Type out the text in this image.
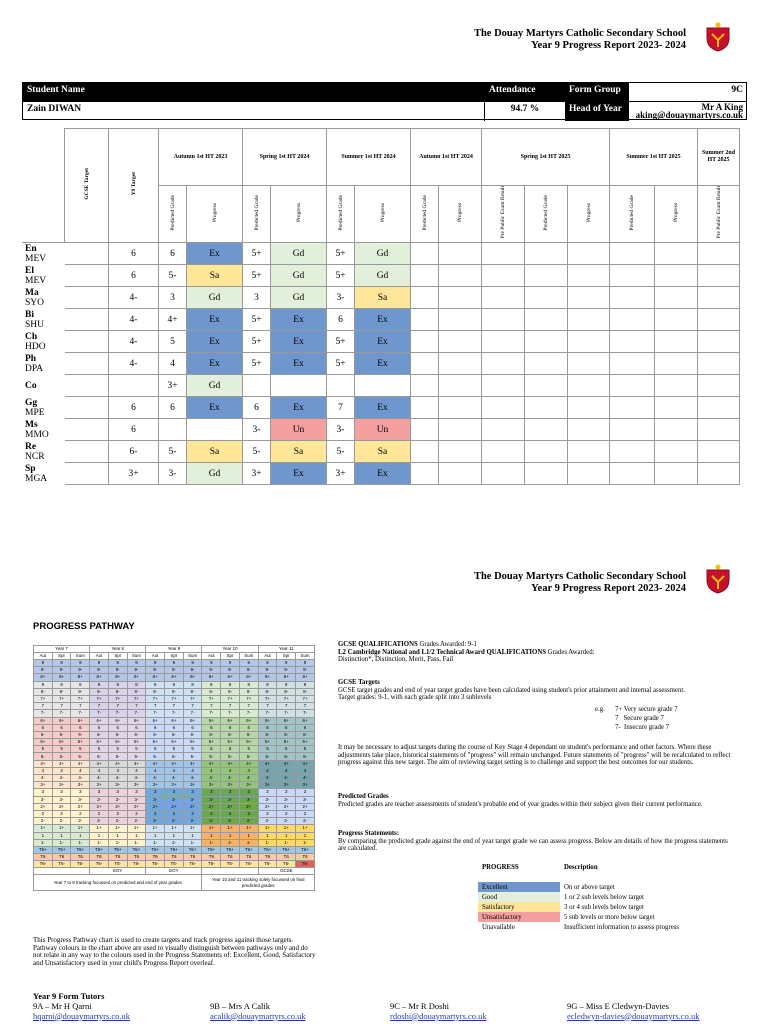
The Douay Martyrs Catholic Secondary School
Year 9 Progress Report 2023- 2024
Student Name	Attendance	Form Group	9C
Zain DIWAN	94.7 %	Head of Year	Mr A King
aking@douaymartyrs.co.uk
	GCSE Target	Y9 Target	Autumn 1st HT 2023		Spring 1st HT 2024		Summer 1st HT 2024		Autumn 1st HT 2024		Spring 1st HT 2025			Summer 1st HT 2025		Summer 2nd HT 2025
			Predicted Grade	Progress	Predicted Grade	Progress	Predicted Grade	Progress	Predicted Grade	Progress	Pre Public Exam Result	Predicted Grade	Progress	Predicted Grade	Progress	Pre Public Exam Result

En
MEV		6	6	Ex	5+	Gd	5+	Gd								

El
MEV		6	5-	Sa	5+	Gd	5+	Gd								

Ma
SYO		4-	3	Gd	3	Gd	3-	Sa								

Bi
SHU		4-	4+	Ex	5+	Ex	6	Ex								

Ch
HDO		4-	5	Ex	5+	Ex	5+	Ex								

Ph
DPA		4-	4	Ex	5+	Ex	5+	Ex								

Co			3+	Gd												

Gg
MPE		6	6	Ex	6	Ex	7	Ex								

Ms
MMO		6			3-	Un	3-	Un								

Re
NCR		6-	5-	Sa	5-	Sa	5-	Sa								

Sp
MGA		3+	3-	Gd	3+	Ex	3+	Ex								
The Douay Martyrs Catholic Secondary School
Year 9 Progress Report 2023- 2024
PROGRESS PATHWAY
Year 7			Year 8			Year 9			Year 10			Year 11		
Aut	Spr	Sum	Aut	Spr	Sum	Aut	Spr	Sum	Aut	Spr	Sum	Aut	Spr	Sum
9	9	9	9	9	9	9	9	9	9	9	9	9	9	9
9-	9-	9-	9-	9-	9-	9-	9-	9-	9-	9-	9-	9-	9-	9-
8+	8+	8+	8+	8+	8+	8+	8+	8+	8+	8+	8+	8+	8+	8+
8	8	8	8	8	8	8	8	8	8	8	8	8	8	8
8-	8-	8-	8-	8-	8-	8-	8-	8-	8-	8-	8-	8-	8-	8-
7+	7+	7+	7+	7+	7+	7+	7+	7+	7+	7+	7+	7+	7+	7+
7	7	7	7	7	7	7	7	7	7	7	7	7	7	7
7-	7-	7-	7-	7-	7-	7-	7-	7-	7-	7-	7-	7-	7-	7-
6+	6+	6+	6+	6+	6+	6+	6+	6+	6+	6+	6+	6+	6+	6+
6	6	6	6	6	6	6	6	6	6	6	6	6	6	6
6-	6-	6-	6-	6-	6-	6-	6-	6-	6-	6-	6-	6-	6-	6-
5+	5+	5+	5+	5+	5+	5+	5+	5+	5+	5+	5+	5+	5+	5+
5	5	5	5	5	5	5	5	5	5	5	5	5	5	5
5-	5-	5-	5-	5-	5-	5-	5-	5-	5-	5-	5-	5-	5-	5-
4+	4+	4+	4+	4+	4+	4+	4+	4+	4+	4+	4+	4+	4+	4+
4	4	4	4	4	4	4	4	4	4	4	4	4	4	4
4-	4-	4-	4-	4-	4-	4-	4-	4-	4-	4-	4-	4-	4-	4-
3+	3+	3+	3+	3+	3+	3+	3+	3+	3+	3+	3+	3+	3+	3+
3	3	3	3	3	3	3	3	3	3	3	3	3	3	3
3-	3-	3-	3-	3-	3-	3-	3-	3-	3-	3-	3-	3-	3-	3-
2+	2+	2+	2+	2+	2+	2+	2+	2+	2+	2+	2+	2+	2+	2+
2	2	2	2	2	2	2	2	2	2	2	2	2	2	2
2-	2-	2-	2-	2-	2-	2-	2-	2-	2-	2-	2-	2-	2-	2-
1+	1+	1+	1+	1+	1+	1+	1+	1+	1+	1+	1+	1+	1+	1+
1	1	1	1	1	1	1	1	1	1	1	1	1	1	1
1-	1-	1-	1-	1-	1-	1-	1-	1-	1-	1-	1-	1-	1-	1-
T6+	T6+	T6+	T6+	T6+	T6+	T6+	T6+	T6+	T6+	T6+	T6+	T6+	T6+	T6+
T6	T6	T6	T6	T6	T6	T6	T6	T6	T6	T6	T6	T6	T6	T6
T6-	T6-	T6-	T6-	T6-	T6-	T6-	T6-	T6-	T6-	T6-	T6-	T6-	T6-	T6-
			EOY			EOY						GCSE		
Year 7 to 9 tracking focussed on predicted and end of year grades									Year 10 and 11 tracking solely focussed on final predicted grades					
This Progress Pathway chart is used to create targets and track progress against those targets. Pathway colours in the chart above are used to visually distinguish between pathways only and do not relate in any way to the colours used in the Progress Statements of: Excellent, Good, Satisfactory and Unsatisfactory used in your child's Progress Report overleaf.
GCSE QUALIFICATIONS Grades Awarded: 9-1
L2 Cambridge National and L1/2 Technical Award QUALIFICATIONS Grades Awarded:
Distinction*, Distinction, Merit, Pass, Fail
GCSE Targets
GCSE target grades and end of year target grades have been calculated using student's prior attainment and internal assessment.
Target grades: 9-1, with each grade split into 3 sublevels
e.g. 7+ Very secure grade 7
7   Secure grade 7
7-  Insecure grade 7
It may be necessary to adjust targets during the course of Key Stage 4 dependant on student's performance and other factors. Where these adjustments take place, historical statements of "progress" will remain unchanged. Future statements of "progress" will be recalculated to reflect progress against this new target. The aim of reviewing target setting is to challenge and support the best outcomes for our students.
Predicted Grades
Predicted grades are teacher assessments of student's probable end of year grades within their subject given their current performance.
Progress Statements:
By comparing the predicted grade against the end of year target grade we can assess progress. Below are details of how the progress statements are calculated.
PROGRESS	Description
Excellent	On or above target
Good	1 or 2 sub levels below target
Satisfactory	3 or 4 sub levels below target
Unsatisfactory	5 sub levels or more below target
Unavailable	Insufficient information to assess progress
Year 9 Form Tutors
9A – Mr H Qarni
hqarni@douaymartyrs.co.uk
9B – Mrs A Calik
acalik@douaymartyrs.co.uk
9C – Mr R Doshi
rdoshi@douaymartyrs.co.uk
9G – Miss E Cledwyn-Davies
ecledwyn-davies@douaymartyrs.co.uk
